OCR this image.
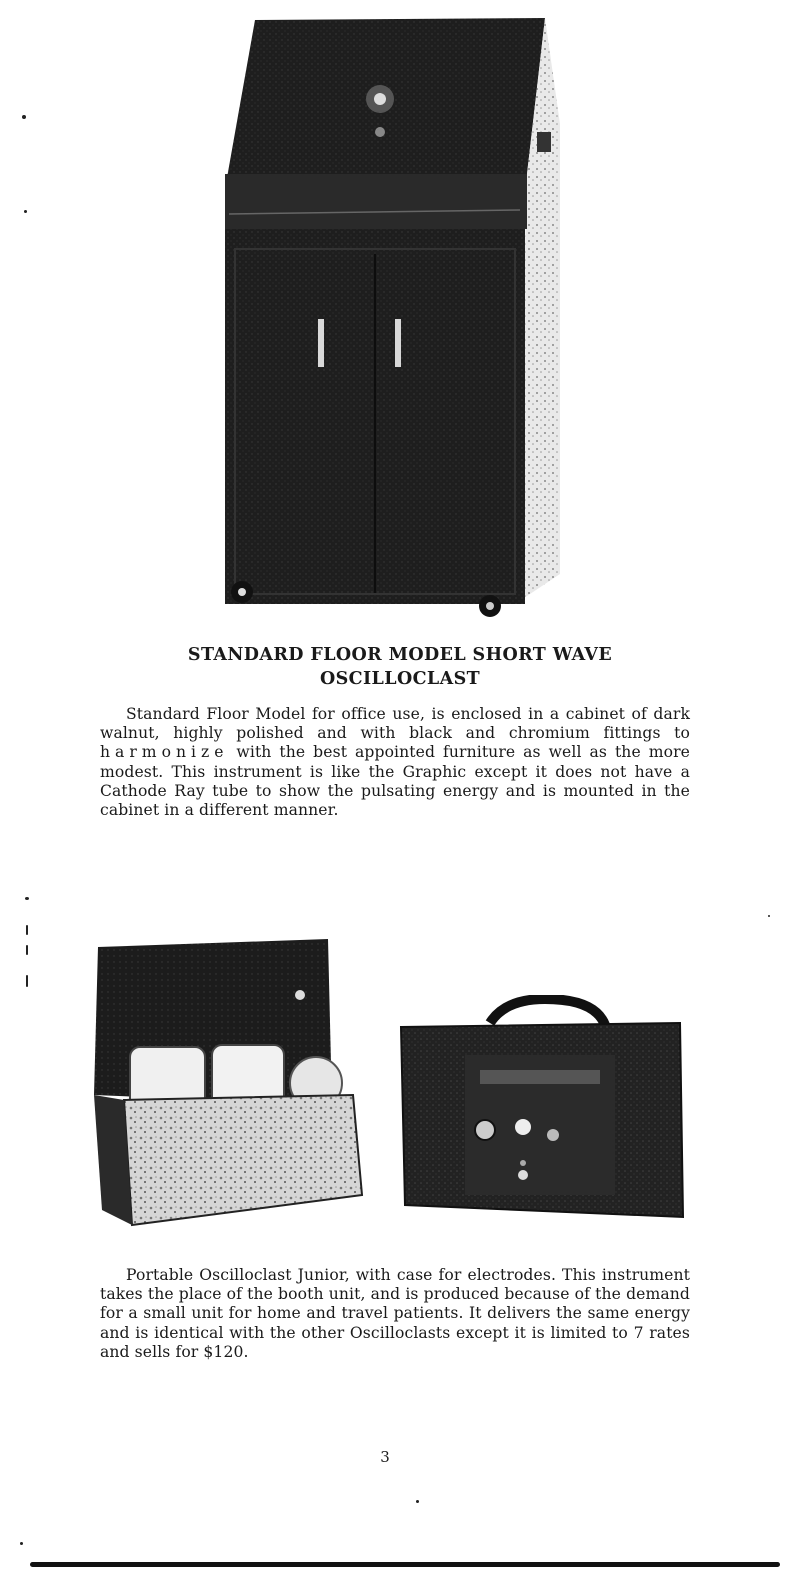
STANDARD FLOOR MODEL SHORT WAVE
OSCILLOCLAST
Standard Floor Model for office use, is enclosed in a cabinet of dark walnut, highly polished and with black and chromium fittings to harmonize with the best appointed furniture as well as the more modest. This instrument is like the Graphic except it does not have a Cathode Ray tube to show the pulsating energy and is mounted in the cabinet in a different manner.
Portable Oscilloclast Junior, with case for electrodes. This instrument takes the place of the booth unit, and is produced because of the demand for a small unit for home and travel patients. It delivers the same energy and is identical with the other Oscilloclasts except it is limited to 7 rates and sells for $120.
3
